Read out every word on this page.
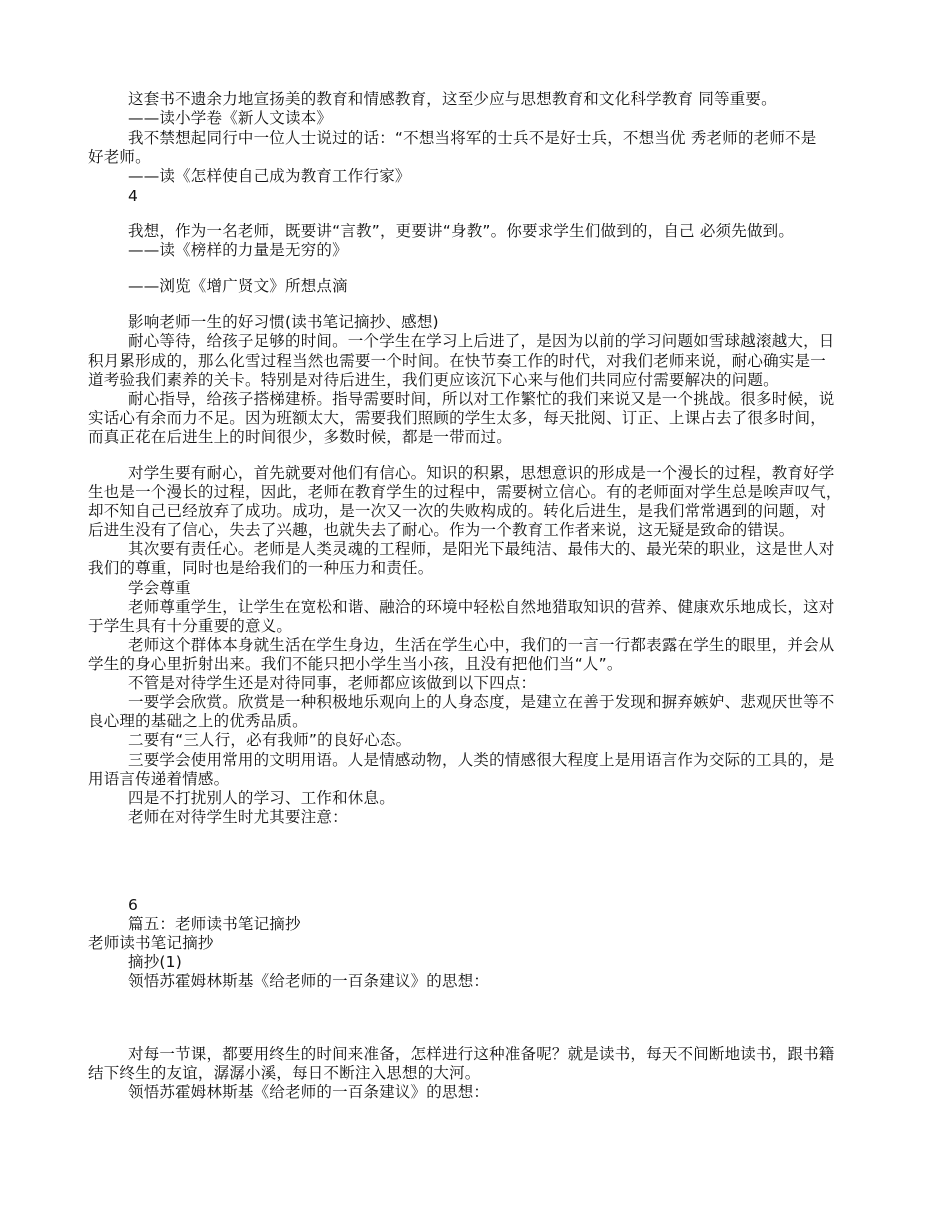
这套书不遗余力地宣扬美的教育和情感教育，这至少应与思想教育和文化科学教育 同等重要。
——读小学卷《新人文读本》
我不禁想起同行中一位人士说过的话：“不想当将军的士兵不是好士兵，不想当优 秀老师的老师不是
好老师。
——读《怎样使自己成为教育工作行家》
4
我想，作为一名老师，既要讲“言教”，更要讲“身教”。你要求学生们做到的，自己 必须先做到。
——读《榜样的力量是无穷的》
——浏览《增广贤文》所想点滴
影响老师一生的好习惯(读书笔记摘抄、感想)
耐心等待，给孩子足够的时间。一个学生在学习上后进了，是因为以前的学习问题如雪球越滚越大，日
积月累形成的，那么化雪过程当然也需要一个时间。在快节奏工作的时代，对我们老师来说，耐心确实是一
道考验我们素养的关卡。特别是对待后进生，我们更应该沉下心来与他们共同应付需要解决的问题。
耐心指导，给孩子搭梯建桥。指导需要时间，所以对工作繁忙的我们来说又是一个挑战。很多时候，说
实话心有余而力不足。因为班额太大，需要我们照顾的学生太多，每天批阅、订正、上课占去了很多时间，
而真正花在后进生上的时间很少，多数时候，都是一带而过。
对学生要有耐心，首先就要对他们有信心。知识的积累，思想意识的形成是一个漫长的过程，教育好学
生也是一个漫长的过程，因此，老师在教育学生的过程中，需要树立信心。有的老师面对学生总是唉声叹气，
却不知自己已经放弃了成功。成功，是一次又一次的失败构成的。转化后进生，是我们常常遇到的问题，对
后进生没有了信心，失去了兴趣，也就失去了耐心。作为一个教育工作者来说，这无疑是致命的错误。
其次要有责任心。老师是人类灵魂的工程师，是阳光下最纯洁、最伟大的、最光荣的职业，这是世人对
我们的尊重，同时也是给我们的一种压力和责任。
学会尊重
老师尊重学生，让学生在宽松和谐、融洽的环境中轻松自然地猎取知识的营养、健康欢乐地成长，这对
于学生具有十分重要的意义。
老师这个群体本身就生活在学生身边，生活在学生心中，我们的一言一行都表露在学生的眼里，并会从
学生的身心里折射出来。我们不能只把小学生当小孩，且没有把他们当“人”。
不管是对待学生还是对待同事，老师都应该做到以下四点：
一要学会欣赏。欣赏是一种积极地乐观向上的人身态度，是建立在善于发现和摒弃嫉妒、悲观厌世等不
良心理的基础之上的优秀品质。
二要有“三人行，必有我师”的良好心态。
三要学会使用常用的文明用语。人是情感动物，人类的情感很大程度上是用语言作为交际的工具的，是
用语言传递着情感。
四是不打扰别人的学习、工作和休息。
老师在对待学生时尤其要注意：
6
篇五：老师读书笔记摘抄
老师读书笔记摘抄
摘抄(1)
领悟苏霍姆林斯基《给老师的一百条建议》的思想：
对每一节课，都要用终生的时间来准备，怎样进行这种准备呢？就是读书，每天不间断地读书，跟书籍
结下终生的友谊，潺潺小溪，每日不断注入思想的大河。
领悟苏霍姆林斯基《给老师的一百条建议》的思想：
